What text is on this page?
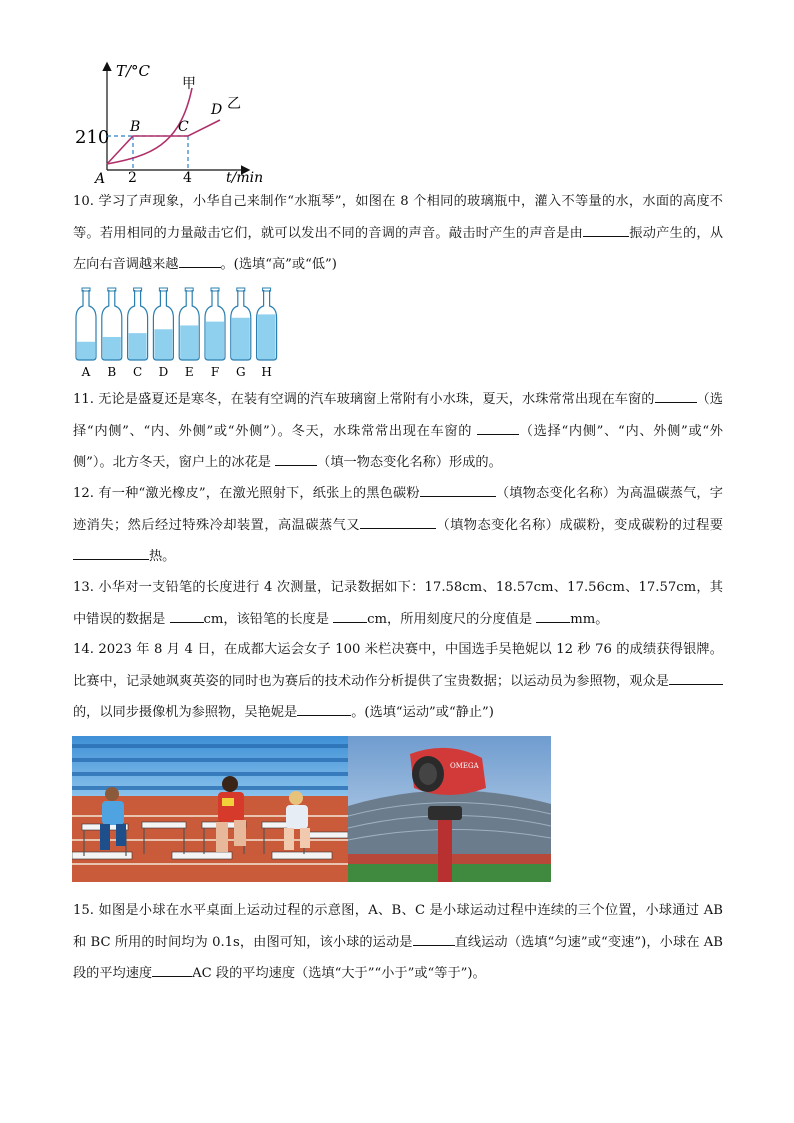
T/°C
t/min
210
A
B	C
D
甲
乙
2	4
10. 学习了声现象，小华自己来制作“水瓶琴”，如图在 8 个相同的玻璃瓶中，灌入不等量的水，水面的高度不等。若用相同的力量敲击它们，就可以发出不同的音调的声音。敲击时产生的声音是由	振动产生的，从左向右音调越来越	。(选填“高”或“低”)
A B C D E F G H
11. 无论是盛夏还是寒冬，在装有空调的汽车玻璃窗上常附有小水珠，夏天，水珠常常出现在车窗的	（选择“内侧”、“内、外侧”或“外侧”）。冬天，水珠常常出现在车窗的	（选择“内侧”、“内、外侧”或“外侧”）。北方冬天，窗户上的冰花是	（填一物态变化名称）形成的。
12. 有一种“激光橡皮”，在激光照射下，纸张上的黑色碳粉	（填物态变化名称）为高温碳蒸气，字迹消失；然后经过特殊冷却装置，高温碳蒸气又	（填物态变化名称）成碳粉，变成碳粉的过程要热。
13. 小华对一支铅笔的长度进行 4 次测量，记录数据如下：17.58cm、18.57cm、17.56cm、17.57cm，其中错误的数据是	cm，该铅笔的长度是	cm，所用刻度尺的分度值是	mm。
14. 2023 年 8 月 4 日，在成都大运会女子 100 米栏决赛中，中国选手吴艳妮以 12 秒 76 的成绩获得银牌。比赛中，记录她飒爽英姿的同时也为赛后的技术动作分析提供了宝贵数据；以运动员为参照物，观众是的，以同步摄像机为参照物，吴艳妮是	。(选填“运动”或“静止”)
OMEGA
15. 如图是小球在水平桌面上运动过程的示意图，A、B、C 是小球运动过程中连续的三个位置，小球通过 AB 和 BC 所用的时间均为 0.1s，由图可知，该小球的运动是	直线运动（选填“匀速”或“变速”)，小球在 AB 段的平均速度	AC 段的平均速度（选填“大于”“小于”或“等于”)。
